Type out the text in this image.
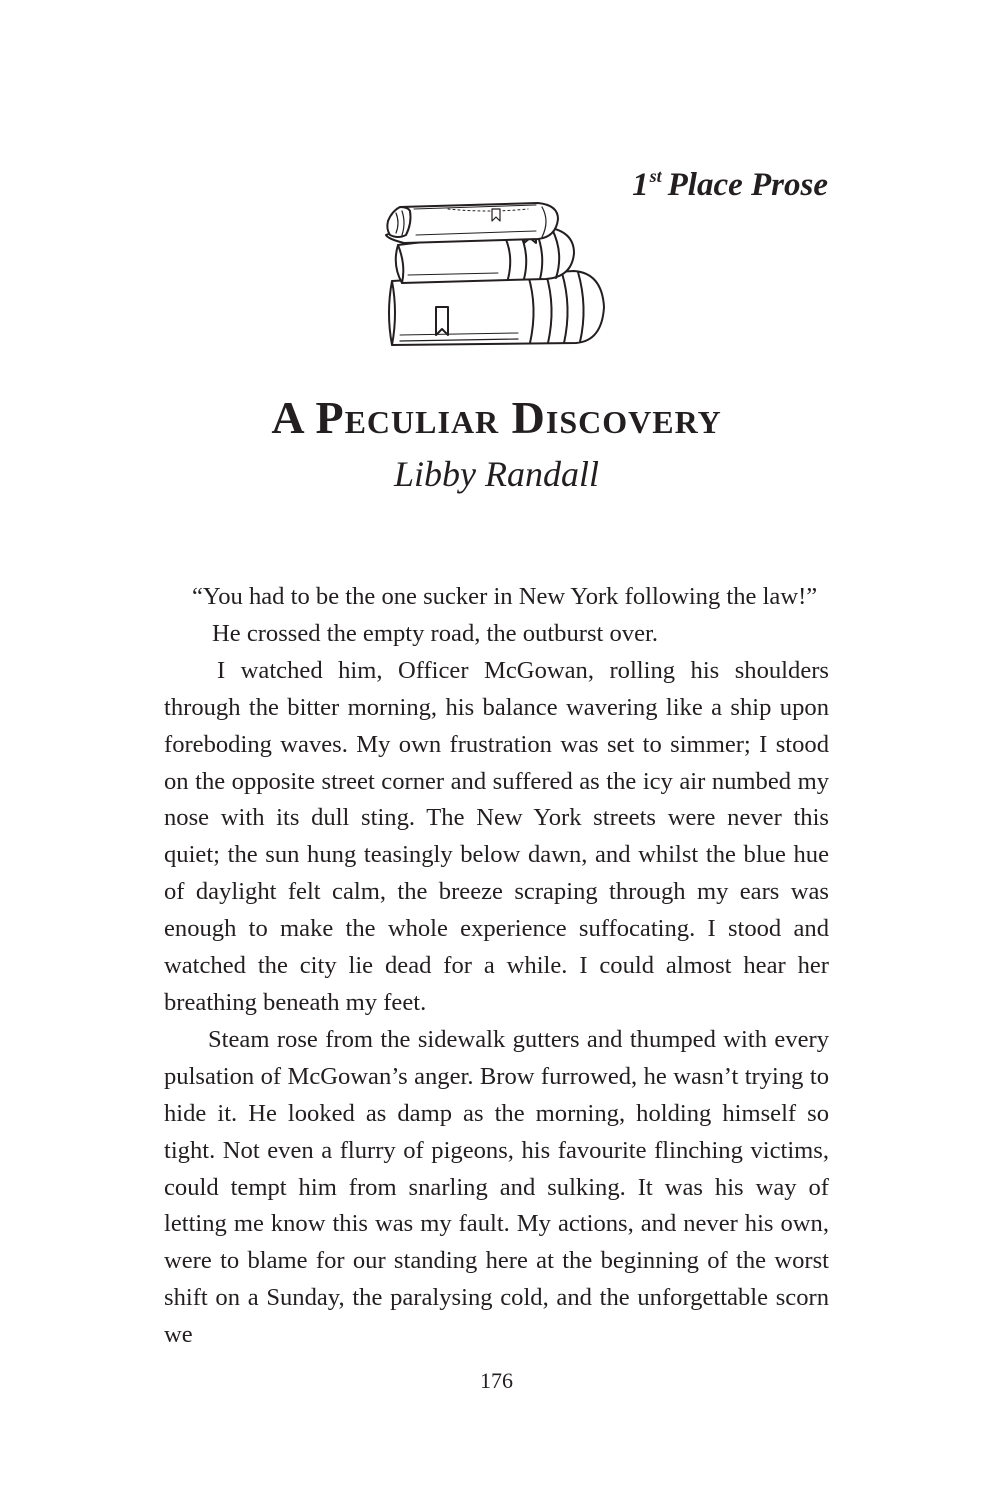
1st Place Prose
A Peculiar Discovery
Libby Randall

“You had to be the one sucker in New York following the law!”

He crossed the empty road, the outburst over.

I watched him, Officer McGowan, rolling his shoulders through the bitter morning, his balance wavering like a ship upon foreboding waves. My own frustration was set to simmer; I stood on the opposite street corner and suffered as the icy air numbed my nose with its dull sting. The New York streets were never this quiet; the sun hung teasingly below dawn, and whilst the blue hue of daylight felt calm, the breeze scraping through my ears was enough to make the whole experience suffocating. I stood and watched the city lie dead for a while. I could almost hear her breathing beneath my feet.

Steam rose from the sidewalk gutters and thumped with every pulsation of McGowan’s anger. Brow furrowed, he wasn’t trying to hide it. He looked as damp as the morning, holding himself so tight. Not even a flurry of pigeons, his favourite flinching victims, could tempt him from snarling and sulking. It was his way of letting me know this was my fault. My actions, and never his own, were to blame for our standing here at the beginning of the worst shift on a Sunday, the paralysing cold, and the unforgettable scorn we

176
